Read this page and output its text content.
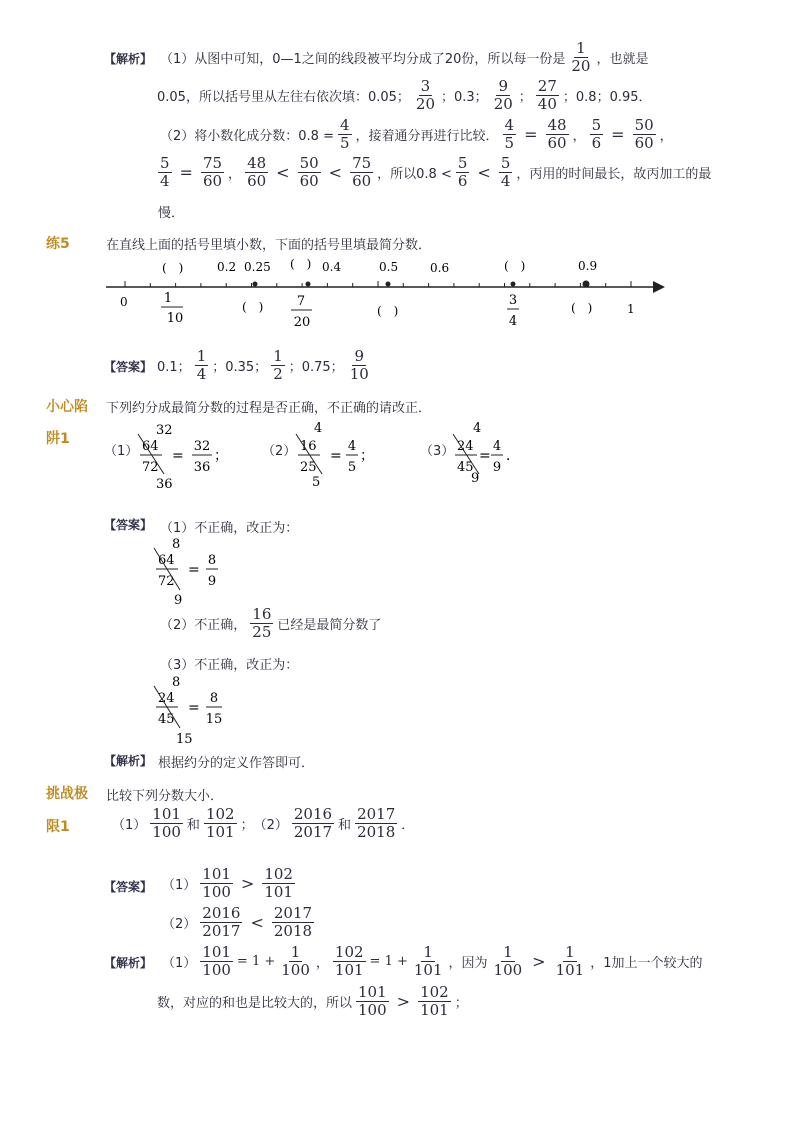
【解析】 （1）从图中可知，0—1之间的线段被平均分成了20份，所以每一份是 $\frac{1}{20}$ ，也就是
0.05，所以括号里从左往右依次填：0.05； $\frac{3}{20}$ ；0.3； $\frac{9}{20}$ ； $\frac{27}{40}$ ；0.8；0.95．
（2）将小数化成分数：$0.8 = \frac{4}{5}$ ，接着通分再进行比较． $\frac{4}{5} = \frac{48}{60}$ ， $\frac{5}{6} = \frac{50}{60}$ ，
$\frac{5}{4} = \frac{75}{60}$ ， $\frac{48}{60} < \frac{50}{60} < \frac{75}{60}$ ，所以$0.8 < \frac{5}{6} < \frac{5}{4}$ ，丙用的时间最长，故丙加工的最
慢．
练5	在直线上面的括号里填小数，下面的括号里填最简分数．
(　)	0.2 0.25 (　) 0.4	0.5	0.6	(　)	0.9
0	1
10
(　)	7
20
(　)
3
4
(　)	1
【答案】 0.1； $\frac{1}{4}$ ；0.35； $\frac{1}{2}$ ；0.75； $\frac{9}{10}$
小心陷
阱1
下列约分成最简分数的过程是否正确，不正确的请改正．
（1）
32
64
72
36
=
32
36
；	（2）
4
16
25
5
=
4
5
；	（3）
4
24
45
9
=
4
9
．
【答案】 （1）不正确，改正为：
8
64
72
9
=
8
9
（2）不正确， $\frac{16}{25}$ 已经是最简分数了
（3）不正确，改正为：
8
24
45
15
=
8
15
【解析】 根据约分的定义作答即可．
挑战极
限1
比较下列分数大小．
$(1) \frac{101}{100}$ 和 $\frac{102}{101}$ ；　$(2) \frac{2016}{2017}$ 和 $\frac{2017}{2018}$ ．
【答案】 $(1) \frac{101}{100} > \frac{102}{101}$
$(2) \frac{2016}{2017} < \frac{2017}{2018}$
【解析】 $(1) \frac{101}{100} = 1 + \frac{1}{100}$ ， $\frac{102}{101} = 1 + \frac{1}{101}$ ，因为 $\frac{1}{100} > \frac{1}{101}$ ，1加上一个较大的
数，对应的和也是比较大的，所以 $\frac{101}{100} > \frac{102}{101}$ ；
